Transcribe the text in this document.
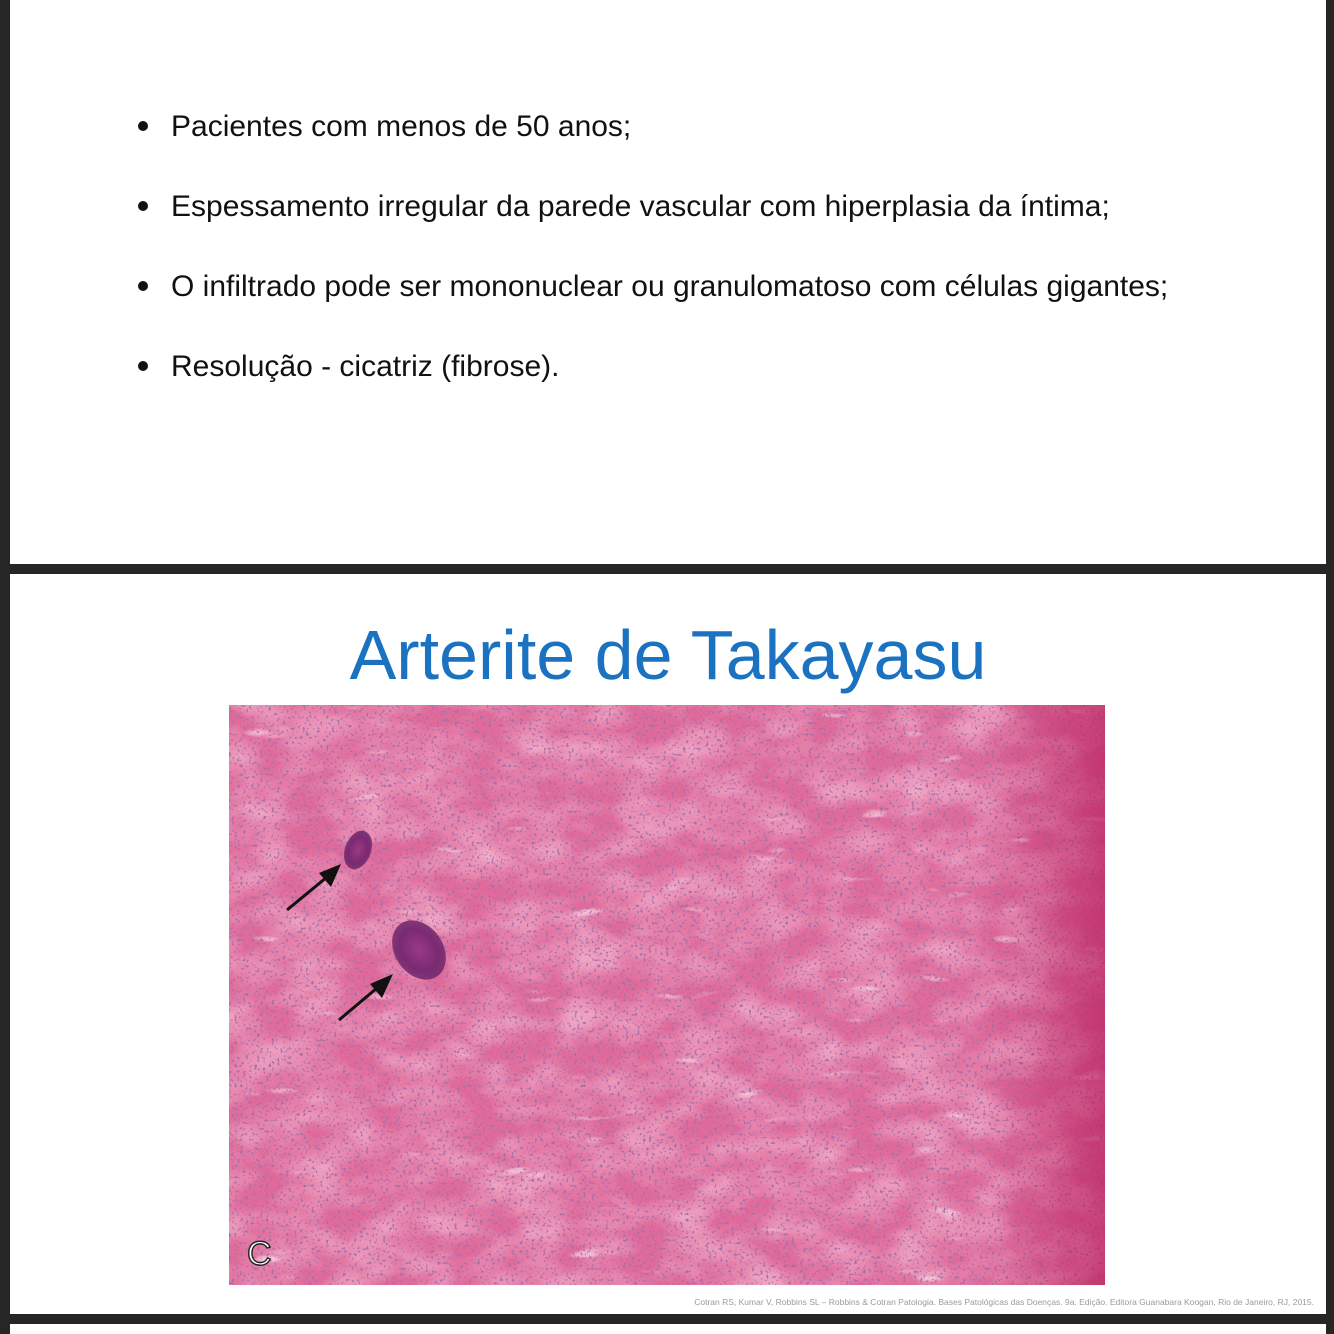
Pacientes com menos de 50 anos;
Espessamento irregular da parede vascular com hiperplasia da íntima;
O infiltrado pode ser mononuclear ou granulomatoso com células gigantes;
Resolução - cicatriz (fibrose).
Arterite de Takayasu
C
Cotran RS, Kumar V, Robbins SL – Robbins & Cotran Patologia. Bases Patológicas das Doenças. 9a. Edição. Editora Guanabara Koogan, Rio de Janeiro, RJ, 2015.
